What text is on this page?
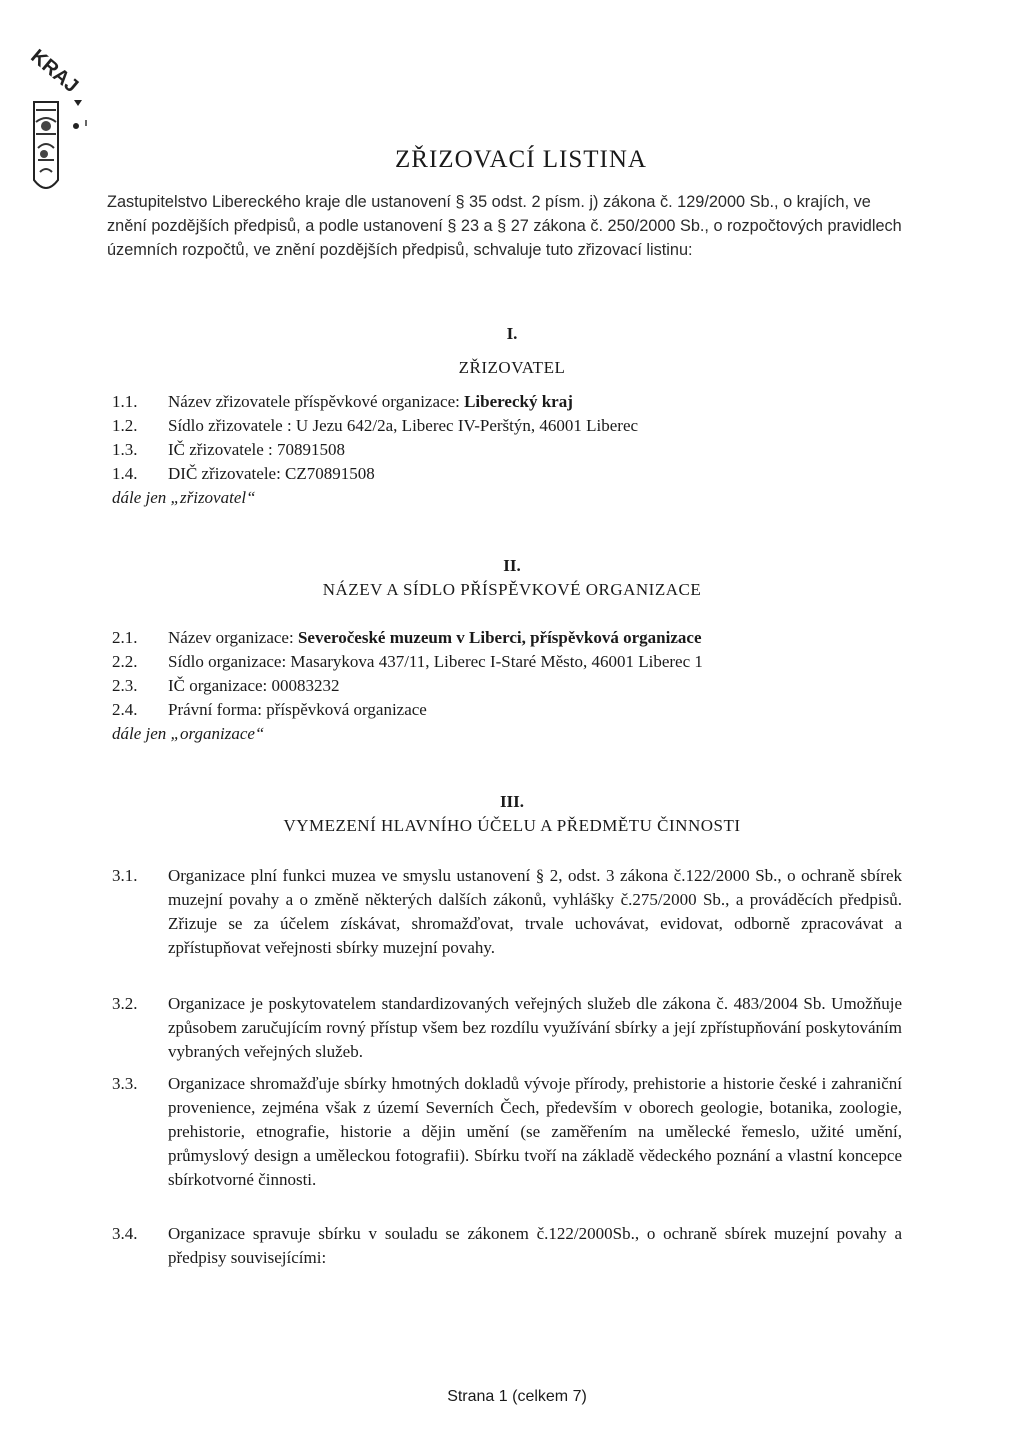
KRAJ
ZŘIZOVACÍ LISTINA
Zastupitelstvo Libereckého kraje dle ustanovení § 35 odst. 2 písm. j) zákona č. 129/2000 Sb., o krajích, ve znění pozdějších předpisů, a podle ustanovení § 23 a § 27 zákona č. 250/2000 Sb., o rozpočtových pravidlech územních rozpočtů, ve znění pozdějších předpisů, schvaluje tuto zřizovací listinu:
I.
ZŘIZOVATEL
1.1. Název zřizovatele příspěvkové organizace: Liberecký kraj
1.2. Sídlo zřizovatele : U Jezu 642/2a, Liberec IV-Perštýn, 46001 Liberec
1.3. IČ zřizovatele : 70891508
1.4. DIČ zřizovatele: CZ70891508
dále jen „zřizovatel“
II.
NÁZEV A SÍDLO PŘÍSPĚVKOVÉ ORGANIZACE
2.1. Název organizace: Severočeské muzeum v Liberci, příspěvková organizace
2.2. Sídlo organizace: Masarykova 437/11, Liberec I-Staré Město, 46001 Liberec 1
2.3. IČ organizace: 00083232
2.4. Právní forma: příspěvková organizace
dále jen „organizace“
III.
VYMEZENÍ HLAVNÍHO ÚČELU A PŘEDMĚTU ČINNOSTI
3.1.	Organizace plní funkci muzea ve smyslu ustanovení § 2, odst. 3 zákona č.122/2000 Sb., o ochraně sbírek muzejní povahy a o změně některých dalších zákonů, vyhlášky č.275/2000 Sb., a prováděcích předpisů. Zřizuje se za účelem získávat, shromažďovat, trvale uchovávat, evidovat, odborně zpracovávat a zpřístupňovat veřejnosti sbírky muzejní povahy.
3.2.	Organizace je poskytovatelem standardizovaných veřejných služeb dle zákona č. 483/2004 Sb. Umožňuje způsobem zaručujícím rovný přístup všem bez rozdílu využívání sbírky a její zpřístupňování poskytováním vybraných veřejných služeb.
3.3.	Organizace shromažďuje sbírky hmotných dokladů vývoje přírody, prehistorie a historie české i zahraniční provenience, zejména však z území Severních Čech, především v oborech geologie, botanika, zoologie, prehistorie, etnografie, historie a dějin umění (se zaměřením na umělecké řemeslo, užité umění, průmyslový design a uměleckou fotografii). Sbírku tvoří na základě vědeckého poznání a vlastní koncepce sbírkotvorné činnosti.
3.4.	Organizace spravuje sbírku v souladu se zákonem č.122/2000Sb., o ochraně sbírek muzejní povahy a předpisy souvisejícími:
Strana 1 (celkem 7)
